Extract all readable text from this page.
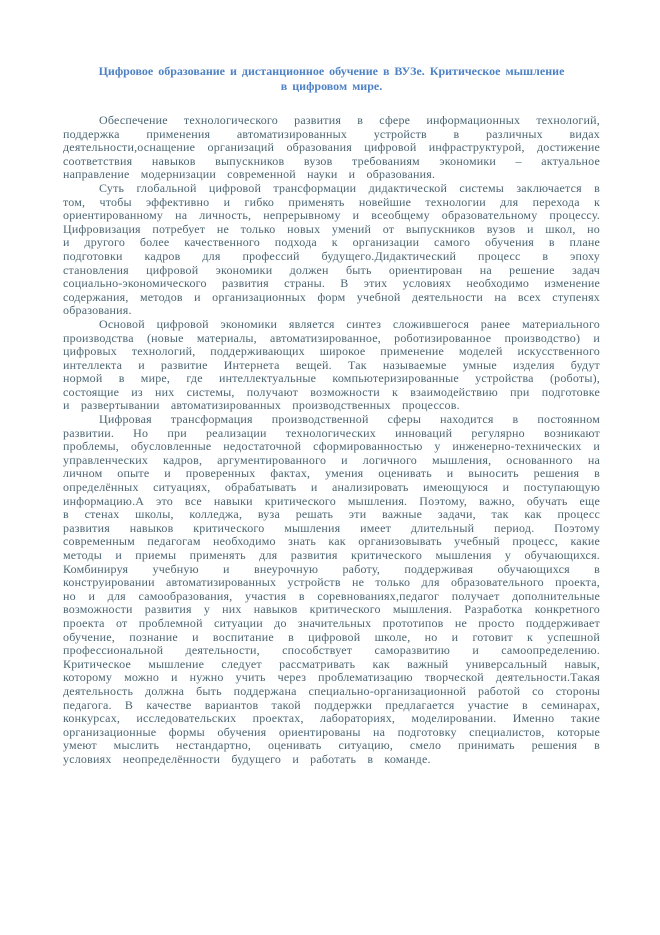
Цифровое образование и дистанционное обучение в ВУЗе. Критическое мышление в цифровом мире.

Обеспечение технологического развития в сфере информационных технологий, поддержка применения автоматизированных устройств в различных видах деятельности,оснащение организаций образования цифровой инфраструктурой, достижение соответствия навыков выпускников вузов требованиям экономики – актуальное направление модернизации современной науки и образования.

Суть глобальной цифровой трансформации дидактической системы заключается в том, чтобы эффективно и гибко применять новейшие технологии для перехода к ориентированному на личность, непрерывному и всеобщему образовательному процессу. Цифровизация потребует не только новых умений от выпускников вузов и школ, но и другого более качественного подхода к организации самого обучения в плане подготовки кадров для профессий будущего.Дидактический процесс в эпоху становления цифровой экономики должен быть ориентирован на решение задач социально-экономического развития страны. В этих условиях необходимо изменение содержания, методов и организационных форм учебной деятельности на всех ступенях образования.

Основой цифровой экономики является синтез сложившегося ранее материального производства (новые материалы, автоматизированное, роботизированное производство) и цифровых технологий, поддерживающих широкое применение моделей искусственного интеллекта и развитие Интернета вещей. Так называемые умные изделия будут нормой в мире, где интеллектуальные компьютеризированные устройства (роботы), состоящие из них системы, получают возможности к взаимодействию при подготовке и развертывании автоматизированных производственных процессов.

Цифровая трансформация производственной сферы находится в постоянном развитии. Но при реализации технологических инноваций регулярно возникают проблемы, обусловленные недостаточной сформированностью у инженерно-технических и управленческих кадров, аргументированного и логичного мышления, основанного на личном опыте и проверенных фактах, умения оценивать и выносить решения в определённых ситуациях, обрабатывать и анализировать имеющуюся и поступающую информацию.А это все навыки критического мышления. Поэтому, важно, обучать еще в стенах школы, колледжа, вуза решать эти важные задачи, так как процесс развития навыков критического мышления имеет длительный период. Поэтому современным педагогам необходимо знать как организовывать учебный процесс, какие методы и приемы применять для развития критического мышления у обучающихся. Комбинируя учебную и внеурочную работу, поддерживая обучающихся в конструировании автоматизированных устройств не только для образовательного проекта, но и для самообразования, участия в соревнованиях,педагог получает дополнительные возможности развития у них навыков критического мышления. Разработка конкретного проекта от проблемной ситуации до значительных прототипов не просто поддерживает обучение, познание и воспитание в цифровой школе, но и готовит к успешной профессиональной деятельности, способствует саморазвитию и самоопределению. Критическое мышление следует рассматривать как важный универсальный навык, которому можно и нужно учить через проблематизацию творческой деятельности.Такая деятельность должна быть поддержана специально-организационной работой со стороны педагога. В качестве вариантов такой поддержки предлагается участие в семинарах, конкурсах, исследовательских проектах, лабораториях, моделировании. Именно такие организационные формы обучения ориентированы на подготовку специалистов, которые умеют мыслить нестандартно, оценивать ситуацию, смело принимать решения в условиях неопределённости будущего и работать в команде.
